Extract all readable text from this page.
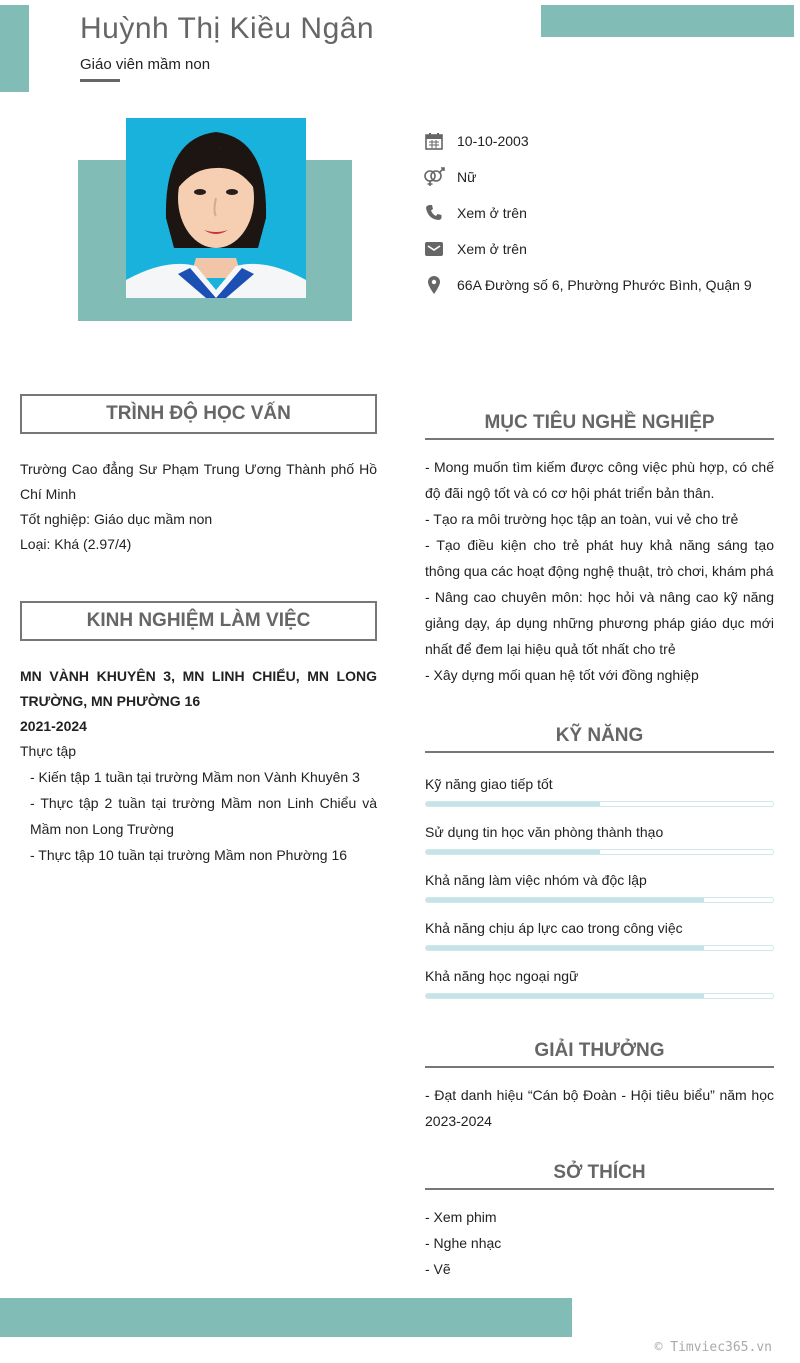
Huỳnh Thị Kiều Ngân
Giáo viên mầm non
10-10-2003
Nữ
Xem ở trên
Xem ở trên
66A Đường số 6, Phường Phước Bình, Quận 9
TRÌNH ĐỘ HỌC VẤN
Trường Cao đẳng Sư Phạm Trung Ương Thành phố Hồ Chí Minh
Tốt nghiệp: Giáo dục mầm non
Loại: Khá (2.97/4)
KINH NGHIỆM LÀM VIỆC
MN VÀNH KHUYÊN 3, MN LINH CHIỂU, MN LONG TRƯỜNG, MN PHƯỜNG 16
2021-2024
Thực tập
- Kiến tập 1 tuần tại trường Mầm non Vành Khuyên 3
- Thực tập 2 tuần tại trường Mầm non Linh Chiểu và Mầm non Long Trường
- Thực tập 10 tuần tại trường Mầm non Phường 16
MỤC TIÊU NGHỀ NGHIỆP
- Mong muốn tìm kiếm được công việc phù hợp, có chế độ đãi ngộ tốt và có cơ hội phát triển bản thân.
- Tạo ra môi trường học tập an toàn, vui vẻ cho trẻ
- Tạo điều kiện cho trẻ phát huy khả năng sáng tạo thông qua các hoạt động nghệ thuật, trò chơi, khám phá
- Nâng cao chuyên môn: học hỏi và nâng cao kỹ năng giảng dạy, áp dụng những phương pháp giáo dục mới nhất để đem lại hiệu quả tốt nhất cho trẻ
- Xây dựng mối quan hệ tốt với đồng nghiệp
KỸ NĂNG
Kỹ năng giao tiếp tốt
Sử dụng tin học văn phòng thành thạo
Khả năng làm việc nhóm và độc lập
Khả năng chịu áp lực cao trong công việc
Khả năng học ngoại ngữ
GIẢI THƯỞNG
- Đạt danh hiệu “Cán bộ Đoàn - Hội tiêu biểu” năm học 2023-2024
SỞ THÍCH
- Xem phim
- Nghe nhạc
- Vẽ
© Timviec365.vn
